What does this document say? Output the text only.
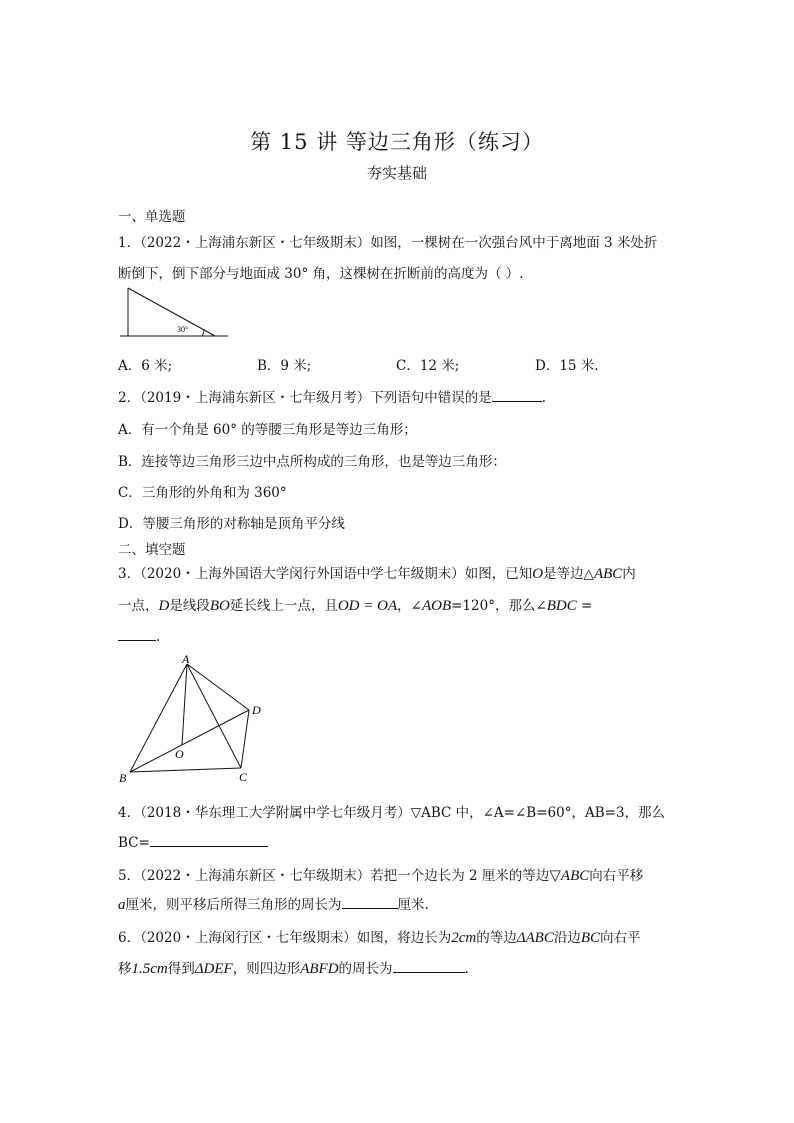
第 15 讲 等边三角形（练习）
夯实基础
一、单选题
1．（2022・上海浦东新区・七年级期末）如图，一棵树在一次强台风中于离地面 3 米处折
断倒下，倒下部分与地面成 30° 角，这棵树在折断前的高度为（ ）.
30°
A．6 米;	B．9 米;	C．12 米;	D．15 米.
2．（2019・上海浦东新区・七年级月考）下列语句中错误的是	.
A．有一个角是 60° 的等腰三角形是等边三角形；
B．连接等边三角形三边中点所构成的三角形，也是等边三角形：
C．三角形的外角和为 360°
D．等腰三角形的对称轴是顶角平分线
二、填空题
3．（2020・上海外国语大学闵行外国语中学七年级期末）如图，已知O是等边△ABC内
一点，D是线段BO延长线上一点，且OD = OA，∠AOB=120°，那么∠BDC =
.
A
B	C
D
O
4．（2018・华东理工大学附属中学七年级月考）▽ABC 中，∠A=∠B=60°，AB=3，那么
BC=
5．（2022・上海浦东新区・七年级期末）若把一个边长为 2 厘米的等边▽ABC向右平移
a厘米，则平移后所得三角形的周长为	厘米.
6．（2020・上海闵行区・七年级期末）如图，将边长为2cm的等边ΔABC沿边BC向右平
移1.5cm得到ΔDEF，则四边形ABFD的周长为	.
